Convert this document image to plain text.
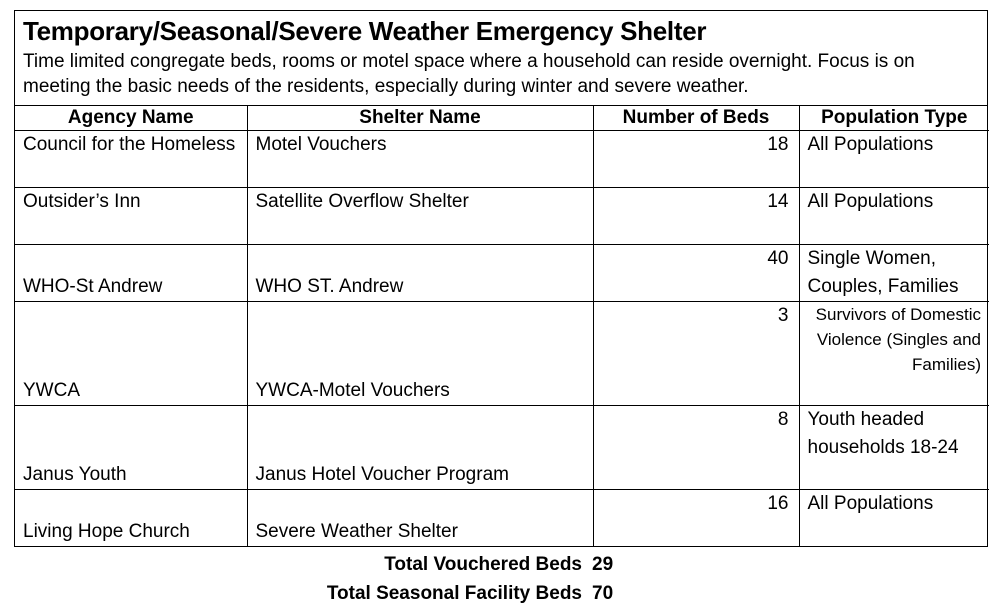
Temporary/Seasonal/Severe Weather Emergency Shelter
Time limited congregate beds, rooms or motel space where a household can reside overnight. Focus is on meeting the basic needs of the residents, especially during winter and severe weather.
Agency Name	Shelter Name	Number of Beds	Population Type
Council for the Homeless	Motel Vouchers	18	All Populations
Outsider’s Inn	Satellite Overflow Shelter	14	All Populations
WHO-St Andrew	WHO ST. Andrew	40	Single Women, Couples, Families
YWCA	YWCA-Motel Vouchers	3	Survivors of Domestic Violence (Singles and Families)
Janus Youth	Janus Hotel Voucher Program	8	Youth headed households 18-24
Living Hope Church	Severe Weather Shelter	16	All Populations
Total Vouchered Beds 29
Total Seasonal Facility Beds 70
